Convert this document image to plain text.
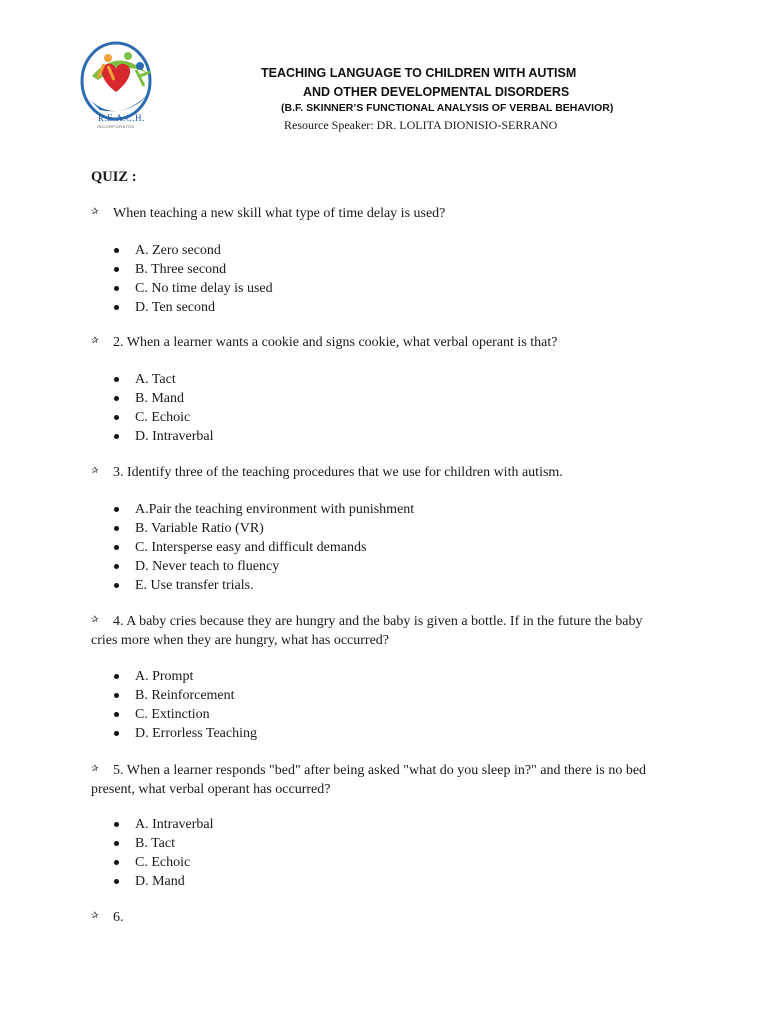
R.E.A.C.H.
INCORPORATED
TEACHING LANGUAGE TO CHILDREN WITH AUTISM
AND OTHER DEVELOPMENTAL DISORDERS
(B.F. SKINNER’S FUNCTIONAL ANALYSIS OF VERBAL BEHAVIOR)
Resource Speaker: DR. LOLITA DIONISIO-SERRANO
QUIZ :
✰ When teaching a new skill what type of time delay is used?
A. Zero second
B. Three second
C. No time delay is used
D. Ten second
✰ 2. When a learner wants a cookie and signs cookie, what verbal operant is that?
A. Tact
B. Mand
C. Echoic
D. Intraverbal
✰ 3. Identify three of the teaching procedures that we use for children with autism.
A.Pair the teaching environment with punishment
B. Variable Ratio (VR)
C. Intersperse easy and difficult demands
D. Never teach to fluency
E. Use transfer trials.
✰ 4. A baby cries because they are hungry and the baby is given a bottle. If in the future the baby cries more when they are hungry, what has occurred?
A. Prompt
B. Reinforcement
C. Extinction
D. Errorless Teaching
✰ 5. When a learner responds "bed" after being asked "what do you sleep in?" and there is no bed present, what verbal operant has occurred?
A. Intraverbal
B. Tact
C. Echoic
D. Mand
✰ 6.
